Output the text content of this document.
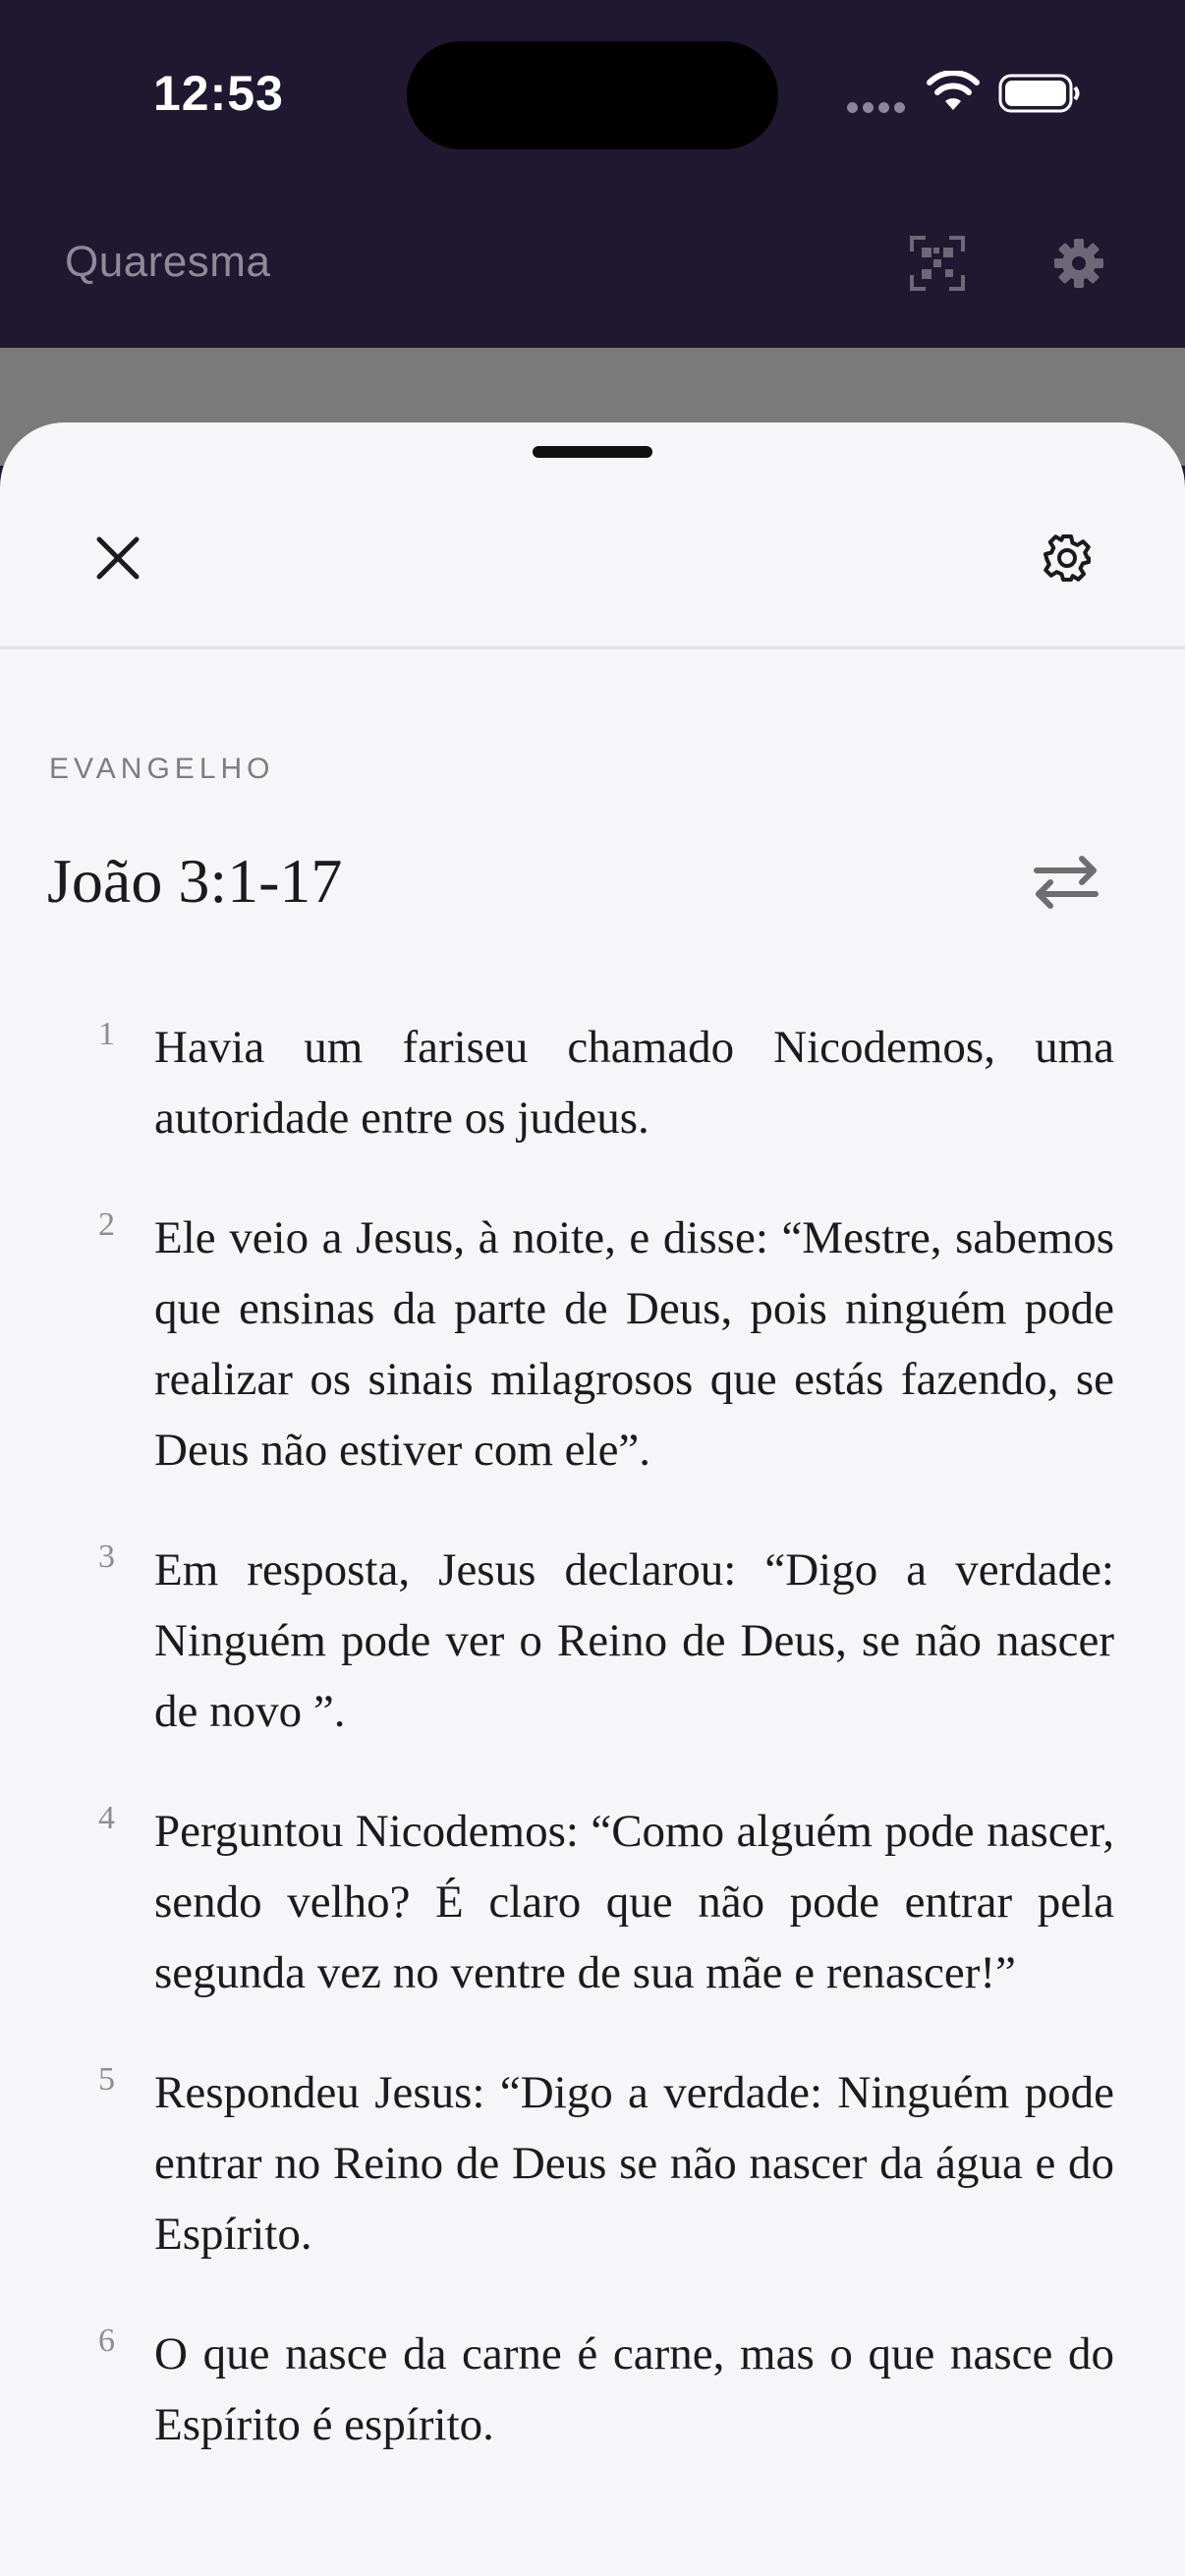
12:53
Quaresma
EVANGELHO
João 3:1-17
1 Havia um fariseu chamado Nicodemos, uma autoridade entre os judeus.

2 Ele veio a Jesus, à noite, e disse: “Mestre, sabemos que ensinas da parte de Deus, pois ninguém pode realizar os sinais milagrosos que estás fazendo, se Deus não estiver com ele”.

3 Em resposta, Jesus declarou: “Digo a verdade: Ninguém pode ver o Reino de Deus, se não nascer de novo ”.

4 Perguntou Nicodemos: “Como alguém pode nascer, sendo velho? É claro que não pode entrar pela segunda vez no ventre de sua mãe e renascer!”

5 Respondeu Jesus: “Digo a verdade: Ninguém pode entrar no Reino de Deus se não nascer da água e do Espírito.

6 O que nasce da carne é carne, mas o que nasce do Espírito é espírito.
